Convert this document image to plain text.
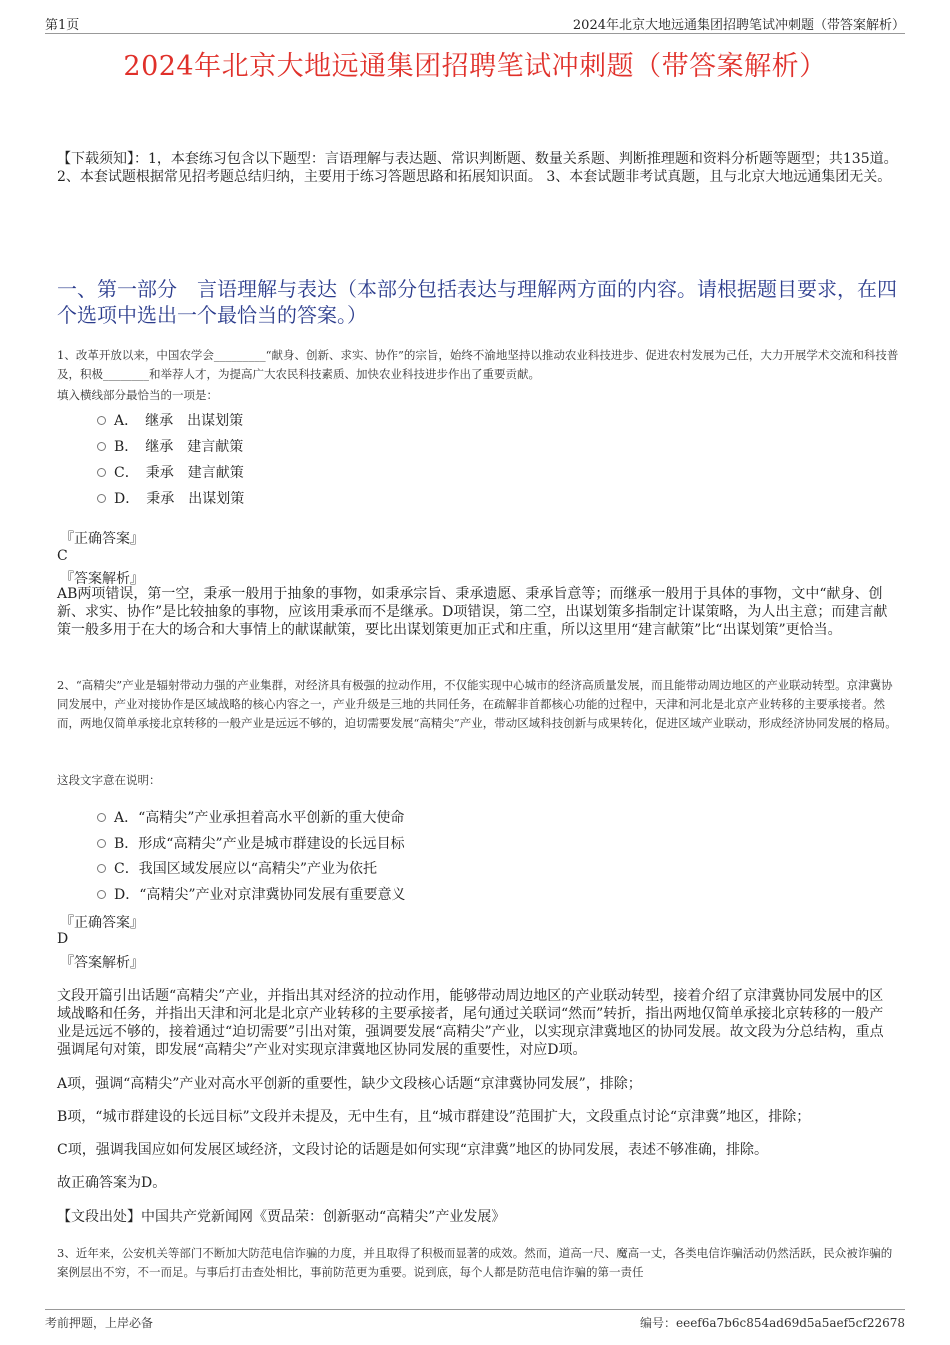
第1页	2024年北京大地远通集团招聘笔试冲刺题（带答案解析）
2024年北京大地远通集团招聘笔试冲刺题（带答案解析）
【下载须知】：1，本套练习包含以下题型：言语理解与表达题、常识判断题、数量关系题、判断推理题和资料分析题等题型；共135道。 2、本套试题根据常见招考题总结归纳，主要用于练习答题思路和拓展知识面。 3、本套试题非考试真题，且与北京大地远通集团无关。
一、第一部分　言语理解与表达（本部分包括表达与理解两方面的内容。请根据题目要求，在四个选项中选出一个最恰当的答案。）
1、改革开放以来，中国农学会_________“献身、创新、求实、协作”的宗旨，始终不渝地坚持以推动农业科技进步、促进农村发展为己任，大力开展学术交流和科技普及，积极________和举荐人才，为提高广大农民科技素质、加快农业科技进步作出了重要贡献。
填入横线部分最恰当的一项是：
A．　继承　出谋划策
B．　继承　建言献策
C．　秉承　建言献策
D．　秉承　出谋划策
『正确答案』
C
『答案解析』
AB两项错误，第一空，秉承一般用于抽象的事物，如秉承宗旨、秉承遗愿、秉承旨意等；而继承一般用于具体的事物，文中“献身、创新、求实、协作”是比较抽象的事物，应该用秉承而不是继承。D项错误，第二空，出谋划策多指制定计谋策略，为人出主意；而建言献策一般多用于在大的场合和大事情上的献谋献策，要比出谋划策更加正式和庄重，所以这里用“建言献策”比“出谋划策”更恰当。
2、“高精尖”产业是辐射带动力强的产业集群，对经济具有极强的拉动作用，不仅能实现中心城市的经济高质量发展，而且能带动周边地区的产业联动转型。京津冀协同发展中，产业对接协作是区域战略的核心内容之一，产业升级是三地的共同任务，在疏解非首都核心功能的过程中，天津和河北是北京产业转移的主要承接者。然而，两地仅简单承接北京转移的一般产业是远远不够的，迫切需要发展“高精尖”产业，带动区域科技创新与成果转化，促进区域产业联动，形成经济协同发展的格局。
这段文字意在说明：
A．“高精尖”产业承担着高水平创新的重大使命
B．形成“高精尖”产业是城市群建设的长远目标
C．我国区域发展应以“高精尖”产业为依托
D．“高精尖”产业对京津冀协同发展有重要意义
『正确答案』
D
『答案解析』
文段开篇引出话题“高精尖”产业，并指出其对经济的拉动作用，能够带动周边地区的产业联动转型，接着介绍了京津冀协同发展中的区域战略和任务，并指出天津和河北是北京产业转移的主要承接者，尾句通过关联词“然而”转折，指出两地仅简单承接北京转移的一般产业是远远不够的，接着通过“迫切需要”引出对策，强调要发展“高精尖”产业，以实现京津冀地区的协同发展。故文段为分总结构，重点强调尾句对策，即发展“高精尖”产业对实现京津冀地区协同发展的重要性，对应D项。
A项，强调“高精尖”产业对高水平创新的重要性，缺少文段核心话题“京津冀协同发展”，排除；
B项，“城市群建设的长远目标”文段并未提及，无中生有，且“城市群建设”范围扩大，文段重点讨论“京津冀”地区，排除；
C项，强调我国应如何发展区域经济，文段讨论的话题是如何实现“京津冀”地区的协同发展，表述不够准确，排除。
故正确答案为D。
【文段出处】中国共产党新闻网《贾品荣：创新驱动“高精尖”产业发展》
3、近年来，公安机关等部门不断加大防范电信诈骗的力度，并且取得了积极而显著的成效。然而，道高一尺、魔高一丈，各类电信诈骗活动仍然活跃，民众被诈骗的案例层出不穷，不一而足。与事后打击查处相比，事前防范更为重要。说到底，每个人都是防范电信诈骗的第一责任
考前押题，上岸必备	编号：eeef6a7b6c854ad69d5a5aef5cf22678
